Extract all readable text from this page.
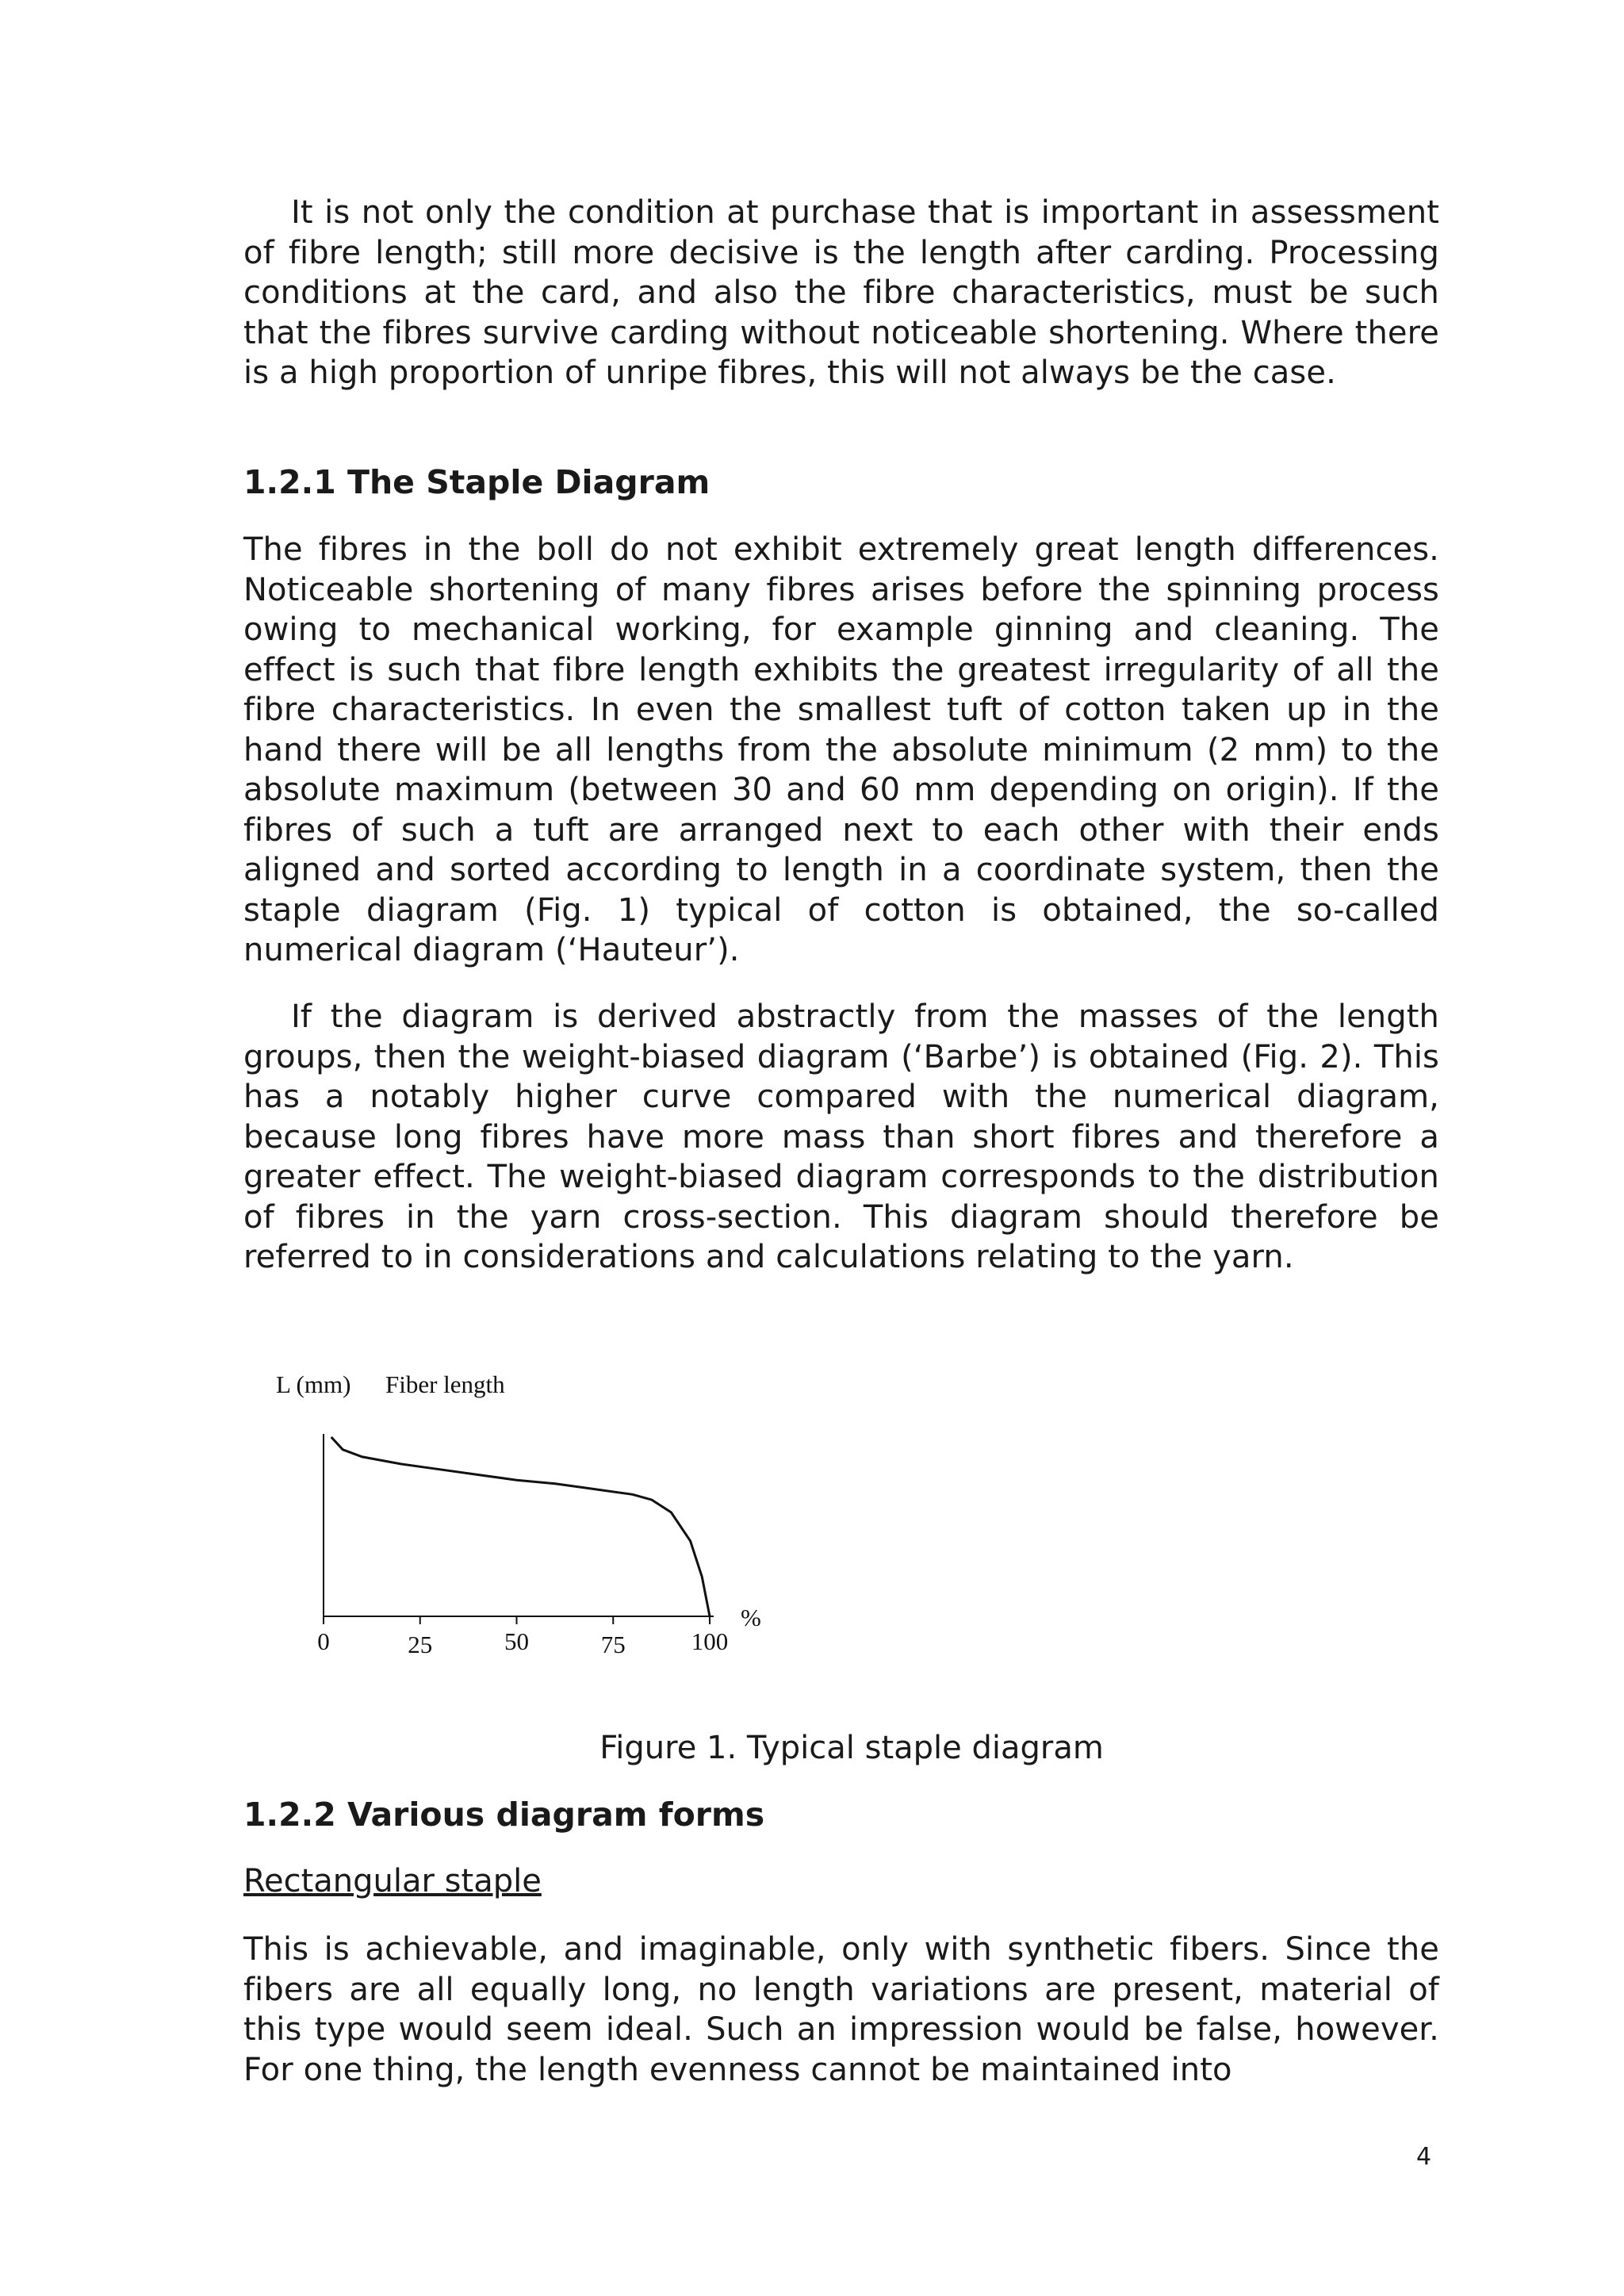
It is not only the condition at purchase that is important in assessment of fibre length; still more decisive is the length after carding. Processing conditions at the card, and also the fibre characteristics, must be such that the fibres survive carding without noticeable shortening. Where there is a high proportion of unripe fibres, this will not always be the case.

1.2.1 The Staple Diagram

The fibres in the boll do not exhibit extremely great length differences. Noticeable shortening of many fibres arises before the spinning process owing to mechanical working, for example ginning and cleaning. The effect is such that fibre length exhibits the greatest irregularity of all the fibre characteristics. In even the smallest tuft of cotton taken up in the hand there will be all lengths from the absolute minimum (2 mm) to the absolute maximum (between 30 and 60 mm depending on origin). If the fibres of such a tuft are arranged next to each other with their ends aligned and sorted according to length in a coordinate system, then the staple diagram (Fig. 1) typical of cotton is obtained, the so-called numerical diagram (‘Hauteur’).

If the diagram is derived abstractly from the masses of the length groups, then the weight-biased diagram (‘Barbe’) is obtained (Fig. 2). This has a notably higher curve compared with the numerical diagram, because long fibres have more mass than short fibres and therefore a greater effect. The weight-biased diagram corresponds to the distribution of fibres in the yarn cross-section. This diagram should therefore be referred to in considerations and calculations relating to the yarn.

L (mm) Fiber length
0	25	50	75	100
%
Figure 1. Typical staple diagram
1.2.2 Various diagram forms
Rectangular staple

This is achievable, and imaginable, only with synthetic fibers. Since the fibers are all equally long, no length variations are present, material of this type would seem ideal. Such an impression would be false, however. For one thing, the length evenness cannot be maintained into

4
